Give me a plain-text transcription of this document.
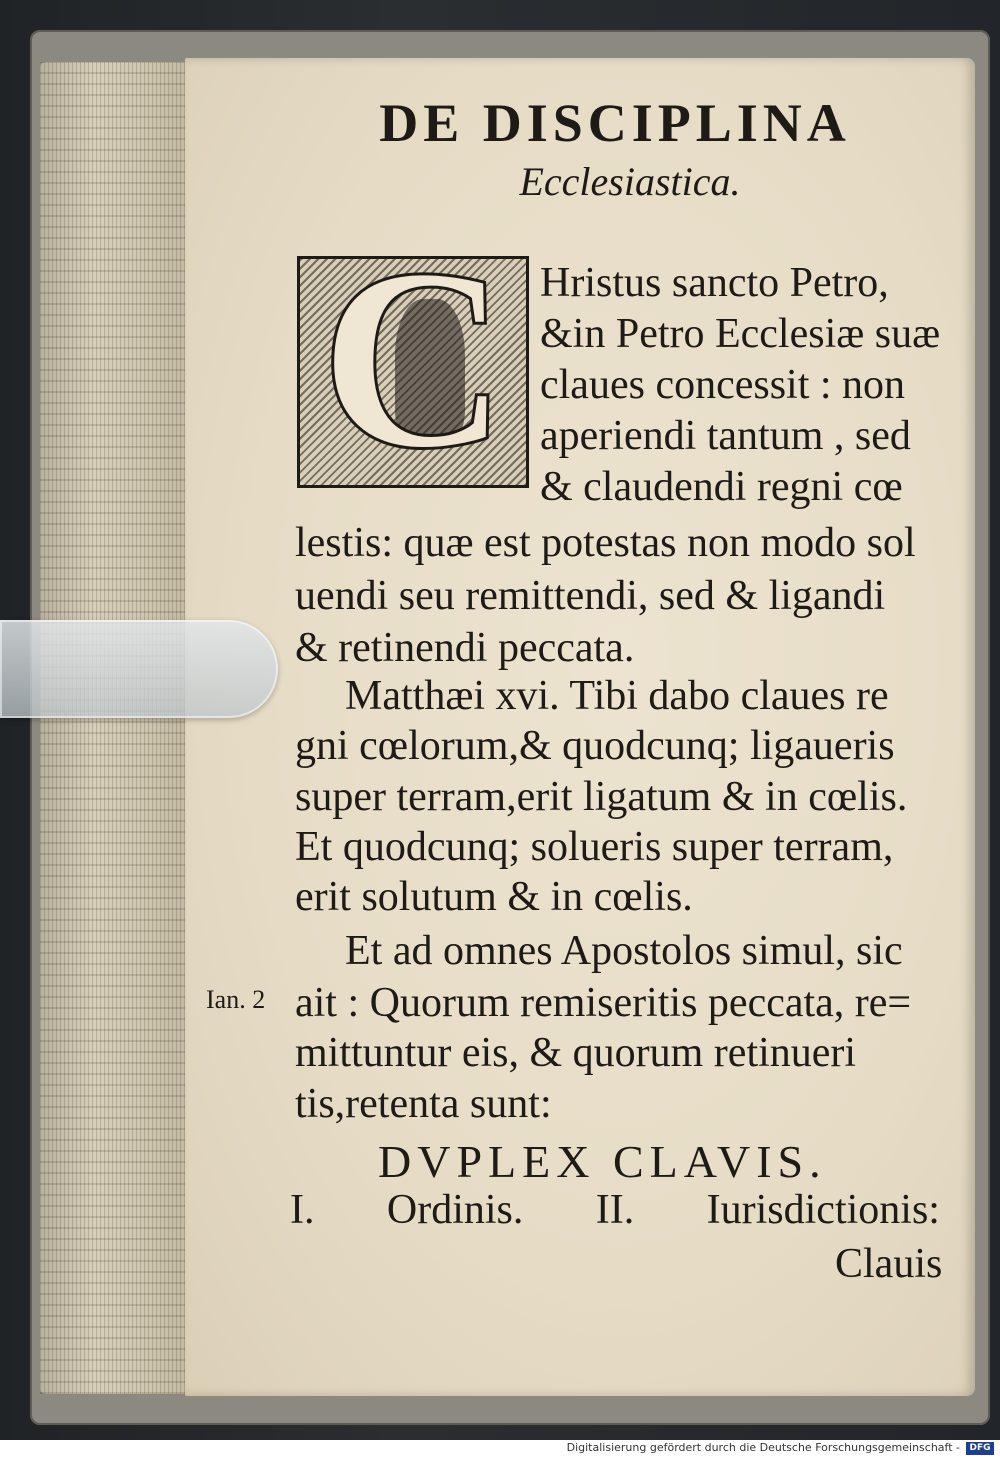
DE DISCIPLINA
Ecclesiastica.
C Hristus sancto Petro,
&in Petro Ecclesiæ suæ
claues concessit : non
aperiendi tantum , sed
& claudendi regni cœ
lestis: quæ est potestas non modo sol
uendi seu remittendi, sed & ligandi
& retinendi peccata.
Matthæi xvi. Tibi dabo claues re
gni cœlorum,& quodcunq; ligaueris
super terram,erit ligatum & in cœlis.
Et quodcunq; solueris super terram,
erit solutum & in cœlis.
Et ad omnes Apostolos simul, sic
ait : Quorum remiseritis peccata, re=
mittuntur eis, & quorum retinueri
tis,retenta sunt:
Ian. 2
DVPLEX CLAVIS.
I. Ordinis. II. Iurisdictionis:
Clauis
Digitalisierung gefördert durch die Deutsche Forschungsgemeinschaft -	DFG
